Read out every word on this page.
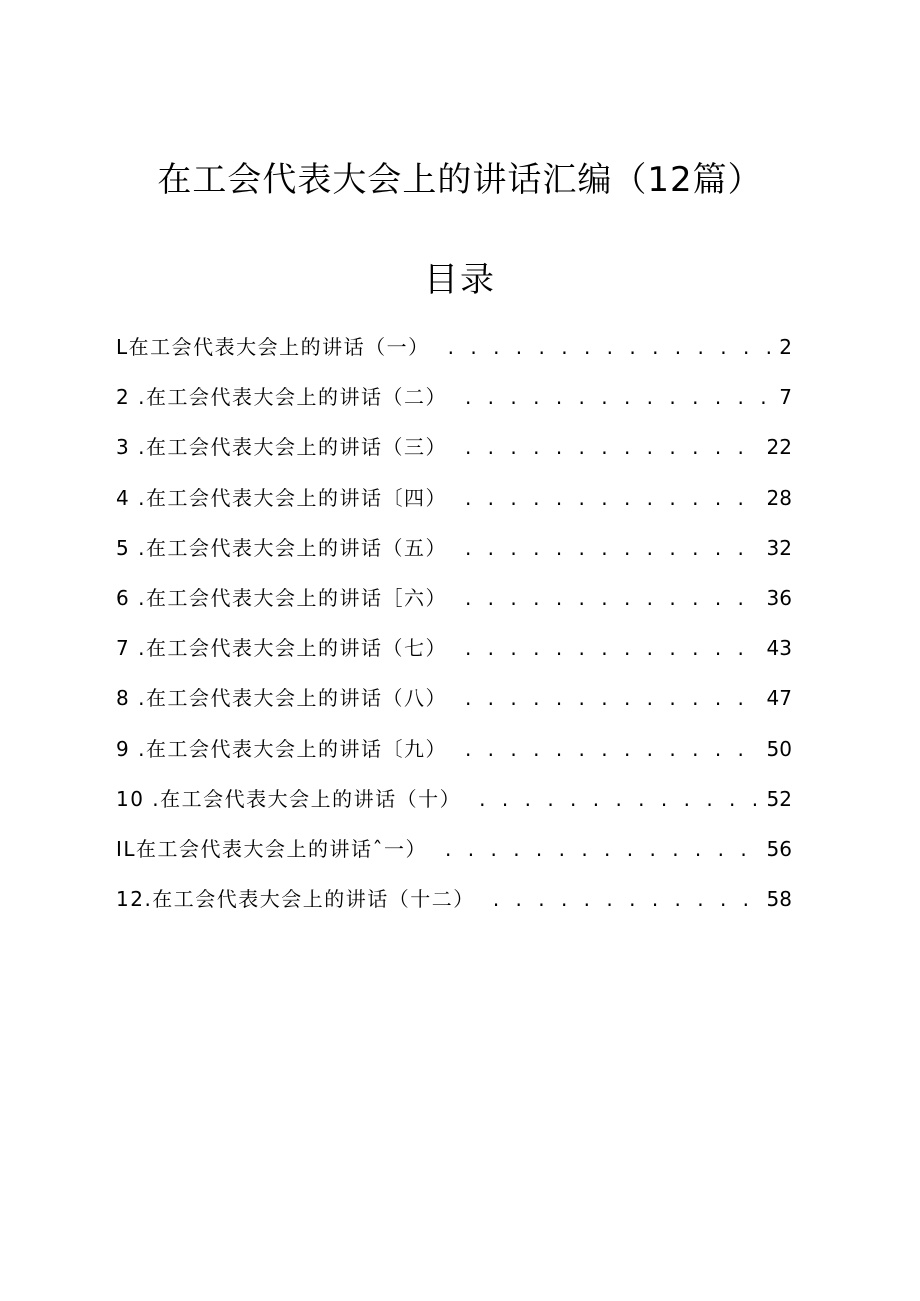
在工会代表大会上的讲话汇编（12篇）
目录
L在工会代表大会上的讲话（一） . . .	2
2 .在工会代表大会上的讲话（二） . . .	7
3 .在工会代表大会上的讲话（三） . . .	22
4 .在工会代表大会上的讲话〔四） . . .	28
5 .在工会代表大会上的讲话（五） . . .	32
6 .在工会代表大会上的讲话［六） . . .	36
7 .在工会代表大会上的讲话（七） . . .	43
8 .在工会代表大会上的讲话（八） . . .	47
9 .在工会代表大会上的讲话〔九） . . .	50
10 .在工会代表大会上的讲话（十） . . .	52
IL在工会代表大会上的讲话ˆ一） . . .	56
12.在工会代表大会上的讲话（十二） . . .	58
